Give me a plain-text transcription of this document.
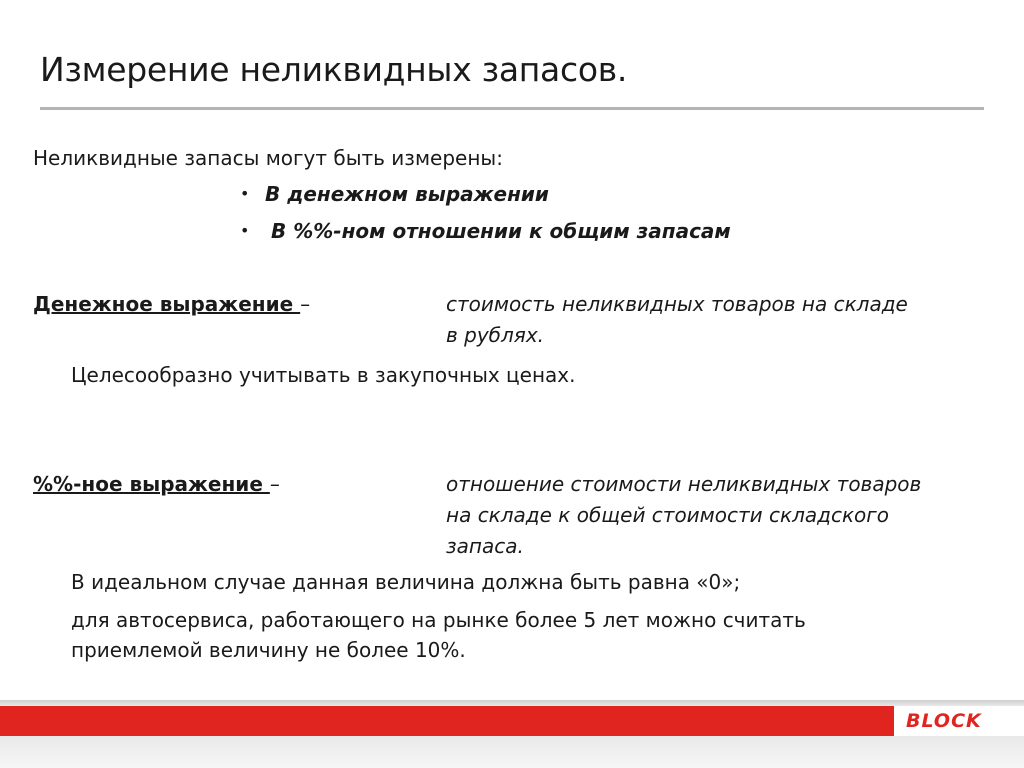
Измерение неликвидных запасов.
Неликвидные запасы могут быть измерены:
• В денежном выражении
• В %%-ном отношении к общим запасам
Денежное выражение –	стоимость неликвидных товаров на складе
в рублях.
Целесообразно учитывать в закупочных ценах.
%%-ное выражение –	отношение стоимости неликвидных товаров
на складе к общей стоимости складского
запаса.
В идеальном случае данная величина должна быть равна «0»;
для автосервиса, работающего на рынке более 5 лет можно считать
приемлемой величину не более 10%.
BLOCK
